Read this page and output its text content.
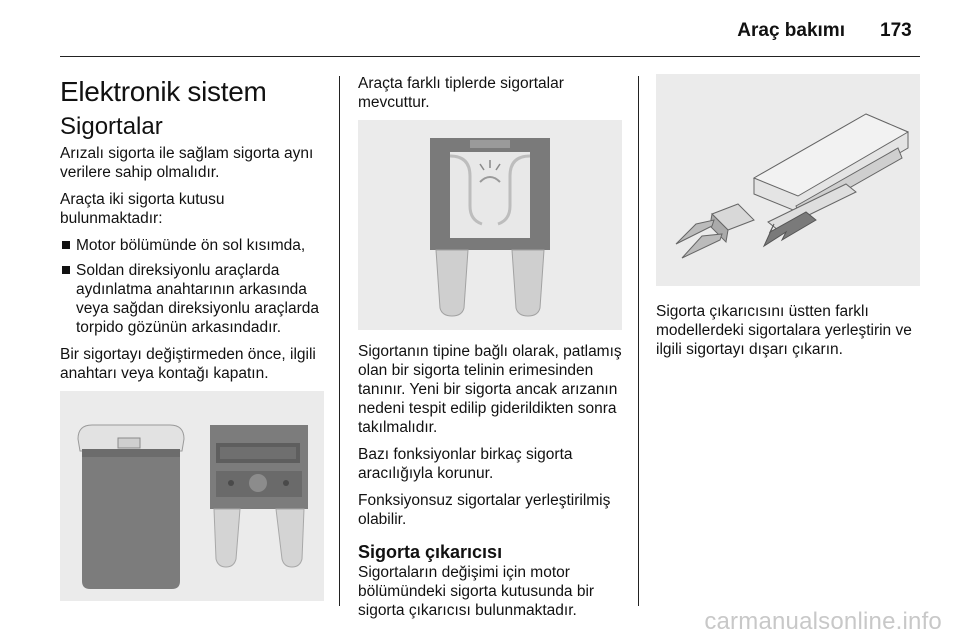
Araç bakımı 173
Elektronik sistem
Sigortalar

Arızalı sigorta ile sağlam sigorta aynı verilere sahip olmalıdır.

Araçta iki sigorta kutusu bulunmaktadır:

Motor bölümünde ön sol kısımda,
Soldan direksiyonlu araçlarda aydınlatma anahtarının arkasında veya sağdan direksiyonlu araçlarda torpido gözünün arkasındadır.

Bir sigortayı değiştirmeden önce, ilgili anahtarı veya kontağı kapatın.

Araçta farklı tiplerde sigortalar mevcuttur.

Sigortanın tipine bağlı olarak, patlamış olan bir sigorta telinin erimesinden tanınır. Yeni bir sigorta ancak arızanın nedeni tespit edilip giderildikten sonra takılmalıdır.

Bazı fonksiyonlar birkaç sigorta aracılığıyla korunur.

Fonksiyonsuz sigortalar yerleştirilmiş olabilir.

Sigorta çıkarıcısı

Sigortaların değişimi için motor bölümündeki sigorta kutusunda bir sigorta çıkarıcısı bulunmaktadır.

Sigorta çıkarıcısını üstten farklı modellerdeki sigortalara yerleştirin ve ilgili sigortayı dışarı çıkarın.

carmanualsonline.info
